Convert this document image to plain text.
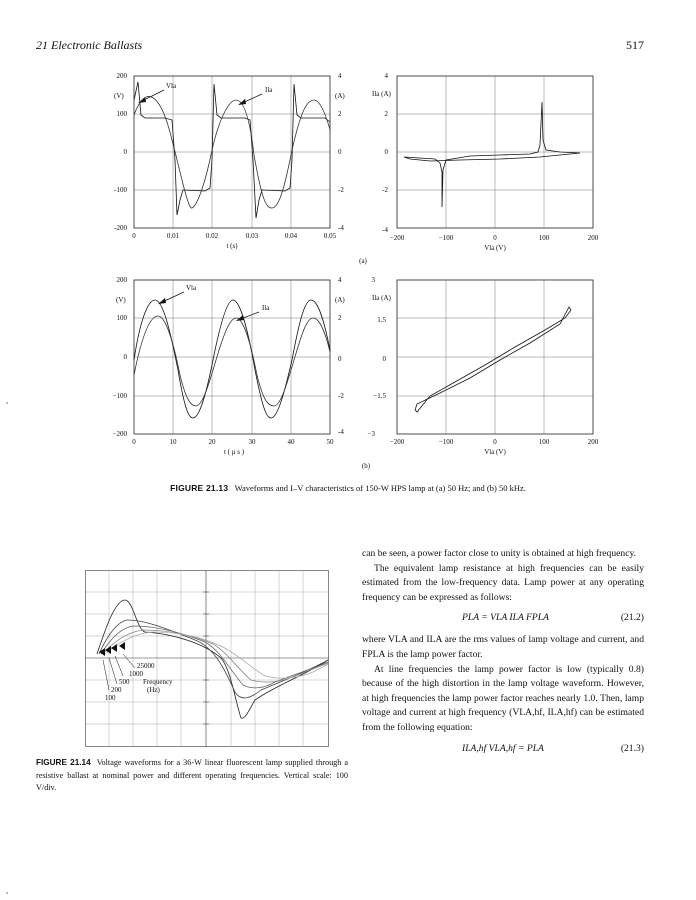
21 Electronic Ballasts	517
200
100
0
-100
-200
(V)
4
2
0
-2
-4
(A)
0	0.01	0.02	0.03	0.04	0.05
t (s)
Vla	Ila
4
2
0
-2
-4
Ila (A)
−200	−100	0	100	200
Vla (V)
(a)
200
100
0
−100
−200
(V)
4
2
0
-2
-4
(A)
0	10	20	30	40	50
t ( μ s )
Vla
Ila
3
1.5
0
−1.5
−3
Ila (A)
−200	−100	0	100	200
Vla (V)
(b)
FIGURE 21.13 Waveforms and I–V characteristics of 150-W HPS lamp at (a) 50 Hz; and (b) 50 kHz.
25000
1000
500 Frequency
200	(Hz)
100
FIGURE 21.14 Voltage waveforms for a 36-W linear fluorescent lamp supplied through a resistive ballast at nominal power and different operating frequencies. Vertical scale: 100 V/div.

can be seen, a power factor close to unity is obtained at high frequency.

The equivalent lamp resistance at high frequencies can be easily estimated from the low-frequency data. Lamp power at any operating frequency can be expressed as follows:

PLA = VLA ILA FPLA	(21.2)

where VLA and ILA are the rms values of lamp voltage and current, and FPLA is the lamp power factor.

At line frequencies the lamp power factor is low (typically 0.8) because of the high distortion in the lamp voltage waveform. However, at high frequencies the lamp power factor reaches nearly 1.0. Then, lamp voltage and current at high frequency (VLA,hf, ILA,hf) can be estimated from the following equation:

ILA,hf VLA,hf = PLA	(21.3)
